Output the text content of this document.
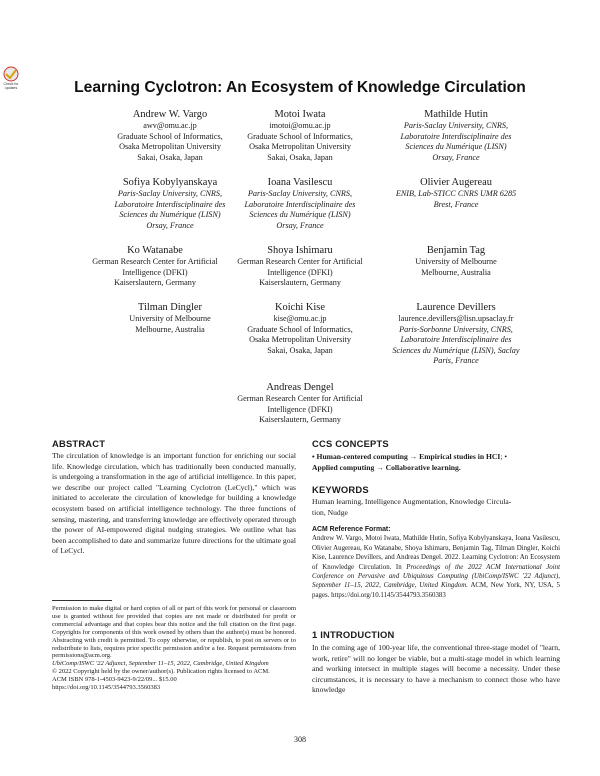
Check for
updates	Learning Cyclotron: An Ecosystem of Knowledge Circulation
Andrew W. Vargo
awv@omu.ac.jp
Graduate School of Informatics,
Osaka Metropolitan University
Sakai, Osaka, Japan
Motoi Iwata
imotoi@omu.ac.jp
Graduate School of Informatics,
Osaka Metropolitan University
Sakai, Osaka, Japan
Mathilde Hutin
Paris-Saclay University, CNRS,
Laboratoire Interdisciplinaire des
Sciences du Numérique (LISN)
Orsay, France
Sofiya Kobylyanskaya
Paris-Saclay University, CNRS,
Laboratoire Interdisciplinaire des
Sciences du Numérique (LISN)
Orsay, France
Ioana Vasilescu
Paris-Saclay University, CNRS,
Laboratoire Interdisciplinaire des
Sciences du Numérique (LISN)
Orsay, France
Olivier Augereau
ENIB, Lab-STICC CNRS UMR 6285
Brest, France
Ko Watanabe
German Research Center for Artificial
Intelligence (DFKI)
Kaiserslautern, Germany
Shoya Ishimaru
German Research Center for Artificial
Intelligence (DFKI)
Kaiserslautern, Germany
Benjamin Tag
University of Melbourne
Melbourne, Australia
Tilman Dingler
University of Melbourne
Melbourne, Australia
Koichi Kise
kise@omu.ac.jp
Graduate School of Informatics,
Osaka Metropolitan University
Sakai, Osaka, Japan
Laurence Devillers
laurence.devillers@lisn.upsaclay.fr
Paris-Sorbonne University, CNRS,
Laboratoire Interdisciplinaire des
Sciences du Numérique (LISN), Saclay
Paris, France
Andreas Dengel
German Research Center for Artificial
Intelligence (DFKI)
Kaiserslautern, Germany
ABSTRACT
The circulation of knowledge is an important function for enriching our social life. Knowledge circulation, which has traditionally been conducted manually, is undergoing a transformation in the age of artificial intelligence. In this paper, we describe our project called "Learning Cyclotron (LeCycl)," which was initiated to accelerate the circulation of knowledge for building a knowledge ecosystem based on artificial intelligence technology. The three functions of sensing, mastering, and transferring knowledge are effectively operated through the power of AI-empowered digital nudging strategies. We outline what has been accomplished to date and summarize future directions for the ultimate goal of LeCycl.
Permission to make digital or hard copies of all or part of this work for personal or classroom use is granted without fee provided that copies are not made or distributed for profit or commercial advantage and that copies bear this notice and the full citation on the first page. Copyrights for components of this work owned by others than the author(s) must be honored. Abstracting with credit is permitted. To copy otherwise, or republish, to post on servers or to redistribute to lists, requires prior specific permission and/or a fee. Request permissions from permissions@acm.org.
UbiComp/ISWC '22 Adjunct, September 11–15, 2022, Cambridge, United Kingdom
© 2022 Copyright held by the owner/author(s). Publication rights licensed to ACM.
ACM ISBN 978-1-4503-9423-9/22/09... $15.00
https://doi.org/10.1145/3544793.3560383
CCS CONCEPTS
• Human-centered computing → Empirical studies in HCI; •
Applied computing → Collaborative learning.
KEYWORDS
Human learning, Intelligence Augmentation, Knowledge Circula-
tion, Nudge
ACM Reference Format:
Andrew W. Vargo, Motoi Iwata, Mathilde Hutin, Sofiya Kobylyanskaya, Ioana Vasilescu, Olivier Augereau, Ko Watanabe, Shoya Ishimaru, Benjamin Tag, Tilman Dingler, Koichi Kise, Laurence Devillers, and Andreas Dengel. 2022. Learning Cyclotron: An Ecosystem of Knowledge Circulation. In Proceedings of the 2022 ACM International Joint Conference on Pervasive and Ubiquitous Computing (UbiComp/ISWC '22 Adjunct), September 11–15, 2022, Cambridge, United Kingdom. ACM, New York, NY, USA, 5 pages. https://doi.org/10.1145/3544793.3560383
1 INTRODUCTION
In the coming age of 100-year life, the conventional three-stage model of "learn, work, retire" will no longer be viable, but a multi-stage model in which learning and working intersect in multiple stages will become a necessity. Under these circumstances, it is necessary to have a mechanism to connect those who have knowledge
308
